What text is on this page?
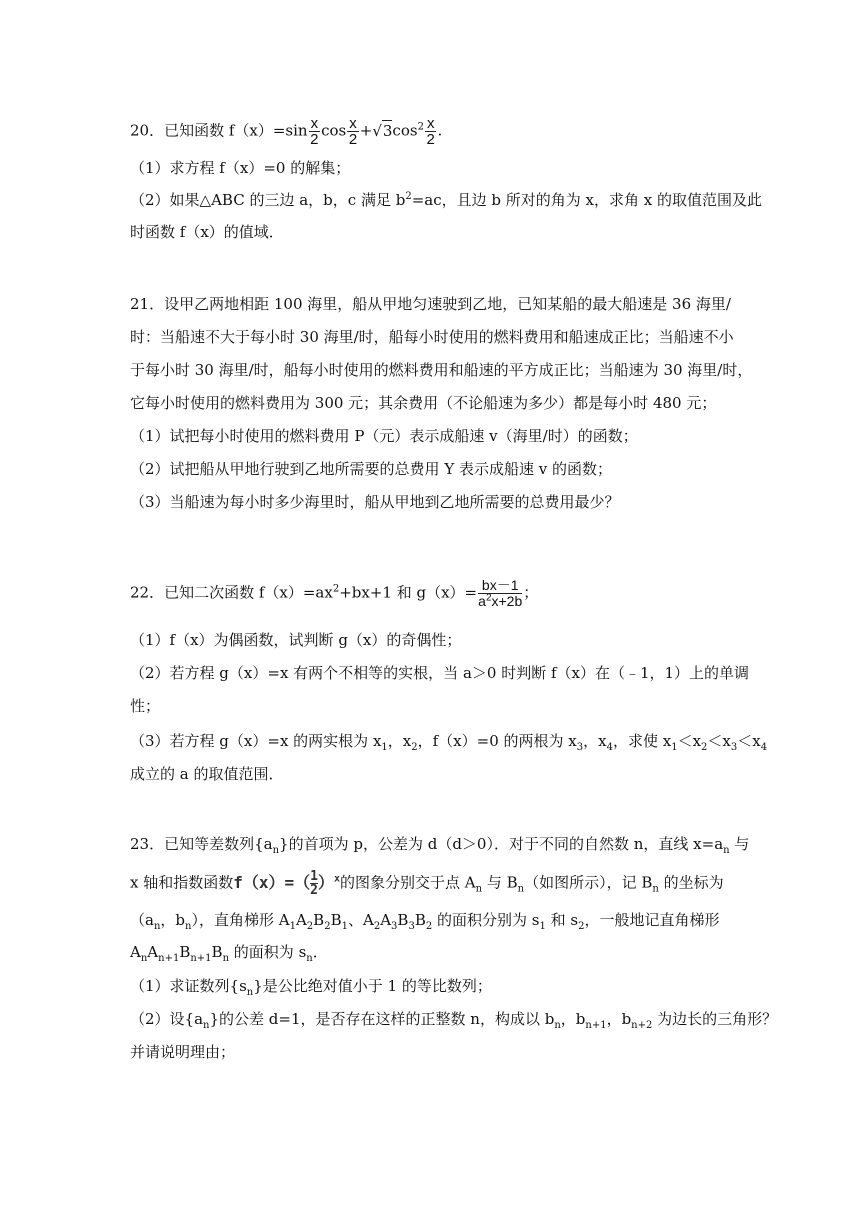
20．已知函数 $f(x)=\sin \frac{x}{2}$ $\cos \frac{x}{2} +√3\cos^2 \frac{x}{2}$ .
（1）求方程 f（x）=0 的解集；
（2）如果△ABC 的三边 a，b，c 满足 $b^2=ac$，且边 b 所对的角为 x，求角 x 的取值范围及此
时函数 f（x）的值域．
21．设甲乙两地相距 100 海里，船从甲地匀速驶到乙地，已知某船的最大船速是 36 海里/
时：当船速不大于每小时 30 海里/时，船每小时使用的燃料费用和船速成正比；当船速不小
于每小时 30 海里/时，船每小时使用的燃料费用和船速的平方成正比；当船速为 30 海里/时，
它每小时使用的燃料费用为 300 元；其余费用（不论船速为多少）都是每小时 480 元；
（1）试把每小时使用的燃料费用 P（元）表示成船速 v（海里/时）的函数；
（2）试把船从甲地行驶到乙地所需要的总费用 Y 表示成船速 v 的函数；
（3）当船速为每小时多少海里时，船从甲地到乙地所需要的总费用最少？
22．已知二次函数 $f(x)=ax^2+bx+1$ 和 $g(x)= \frac{bx-1}{a^2x+2b}$ ；
（1）f（x）为偶函数，试判断 g（x）的奇偶性；
（2）若方程 g（x）=x 有两个不相等的实根，当 a＞0 时判断 f（x）在（﹣1，1）上的单调
性；
（3）若方程 g（x）=x 的两实根为 $x_1$，$x_2$，f（x）=0 的两根为 $x_3$，$x_4$，求使 $x_1<x_2<x_3<x_4$
成立的 a 的取值范围．
23．已知等差数列$\{a_n\}$的首项为 p，公差为 d（d＞0）．对于不同的自然数 n，直线 $x=a_n$ 与
x 轴和指数函数$f(x)=( \frac{1}{2} )^x$的图象分别交于点 $A_n$ 与 $B_n$（如图所示），记 $B_n$ 的坐标为
（$a_n$，$b_n$），直角梯形 $A_1A_2B_2B_1$、$A_2A_3B_3B_2$ 的面积分别为 $s_1$ 和 $s_2$，一般地记直角梯形
$A_nA_{n+1}B_{n+1}B_n$ 的面积为 $s_n$．
（1）求证数列$\{s_n\}$是公比绝对值小于 1 的等比数列；
（2）设$\{a_n\}$的公差 d=1，是否存在这样的正整数 n，构成以 $b_n$，$b_{n+1}$，$b_{n+2}$ 为边长的三角形？
并请说明理由；
